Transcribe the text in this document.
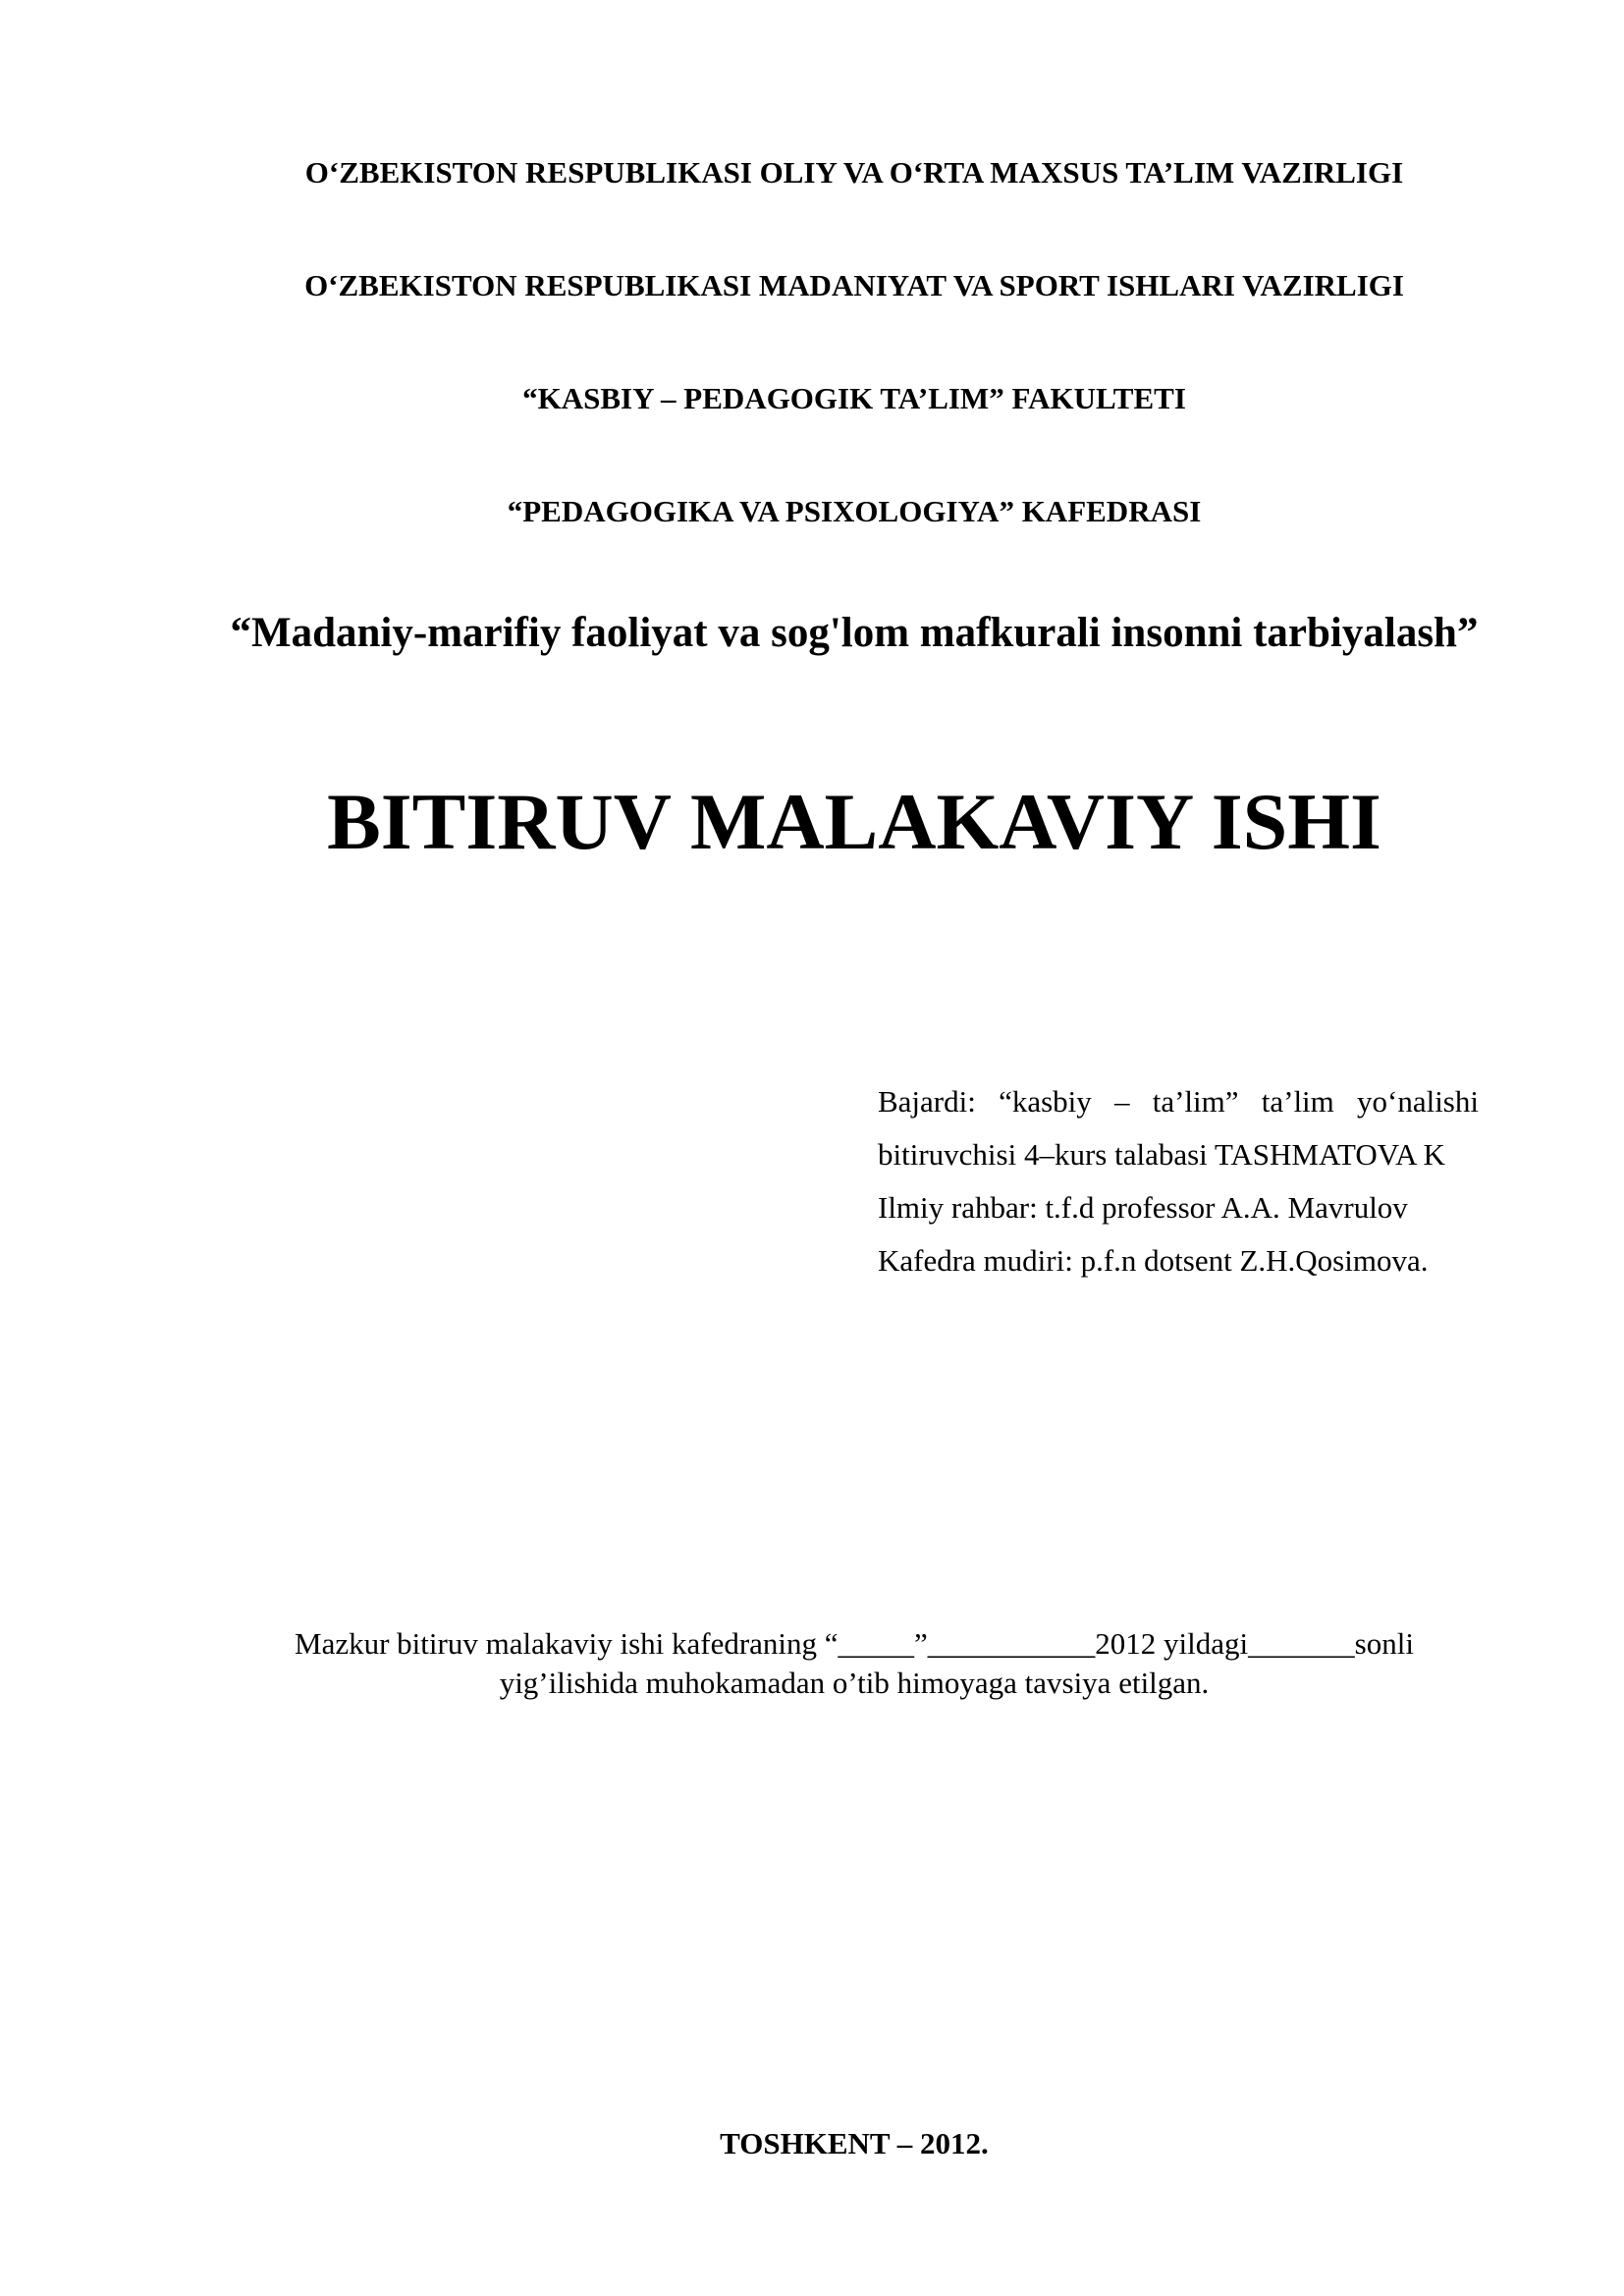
O‘ZBEKISTON RESPUBLIKASI OLIY VA O‘RTA MAXSUS TA’LIM VAZIRLIGI
O‘ZBEKISTON RESPUBLIKASI MADANIYAT VA SPORT ISHLARI VAZIRLIGI
“KASBIY – PEDAGOGIK TA’LIM” FAKULTETI
“PEDAGOGIKA VA PSIXOLOGIYA” KAFEDRASI
“Madaniy-marifiy faoliyat va sog'lom mafkurali insonni tarbiyalash”
BITIRUV MALAKAVIY ISHI
Bajardi: “kasbiy – ta’lim” ta’lim yo‘nalishi
bitiruvchisi 4–kurs talabasi TASHMATOVA K
Ilmiy rahbar: t.f.d professor A.A. Mavrulov
Kafedra mudiri: p.f.n dotsent Z.H.Qosimova.
Mazkur bitiruv malakaviy ishi kafedraning “_____”___________2012 yildagi_______sonli
yig’ilishida muhokamadan o’tib himoyaga tavsiya etilgan.
TOSHKENT – 2012.
